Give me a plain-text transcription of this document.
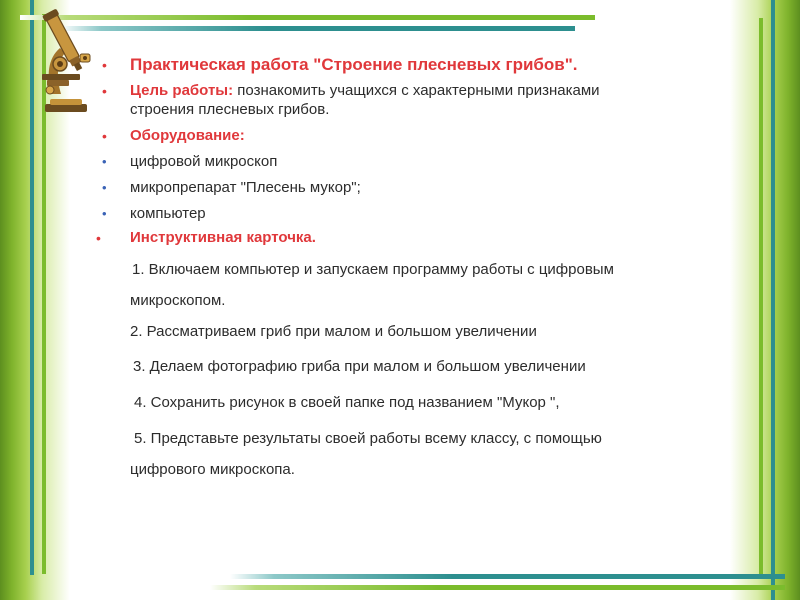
•	Практическая работа "Строение плесневых грибов".
•	Цель работы: познакомить учащихся с характерными признаками
строения плесневых грибов.
•	Оборудование:
•	цифровой микроскоп
•	микропрепарат "Плесень мукор";
•	компьютер
•	Инструктивная карточка.
1. Включаем компьютер и запускаем программу работы с цифровым
микроскопом.
2. Рассматриваем гриб при малом и большом увеличении
3. Делаем фотографию гриба при малом и большом увеличении
4. Сохранить рисунок в своей папке под названием "Мукор ",
5. Представьте результаты своей работы всему классу, с помощью
цифрового микроскопа.
